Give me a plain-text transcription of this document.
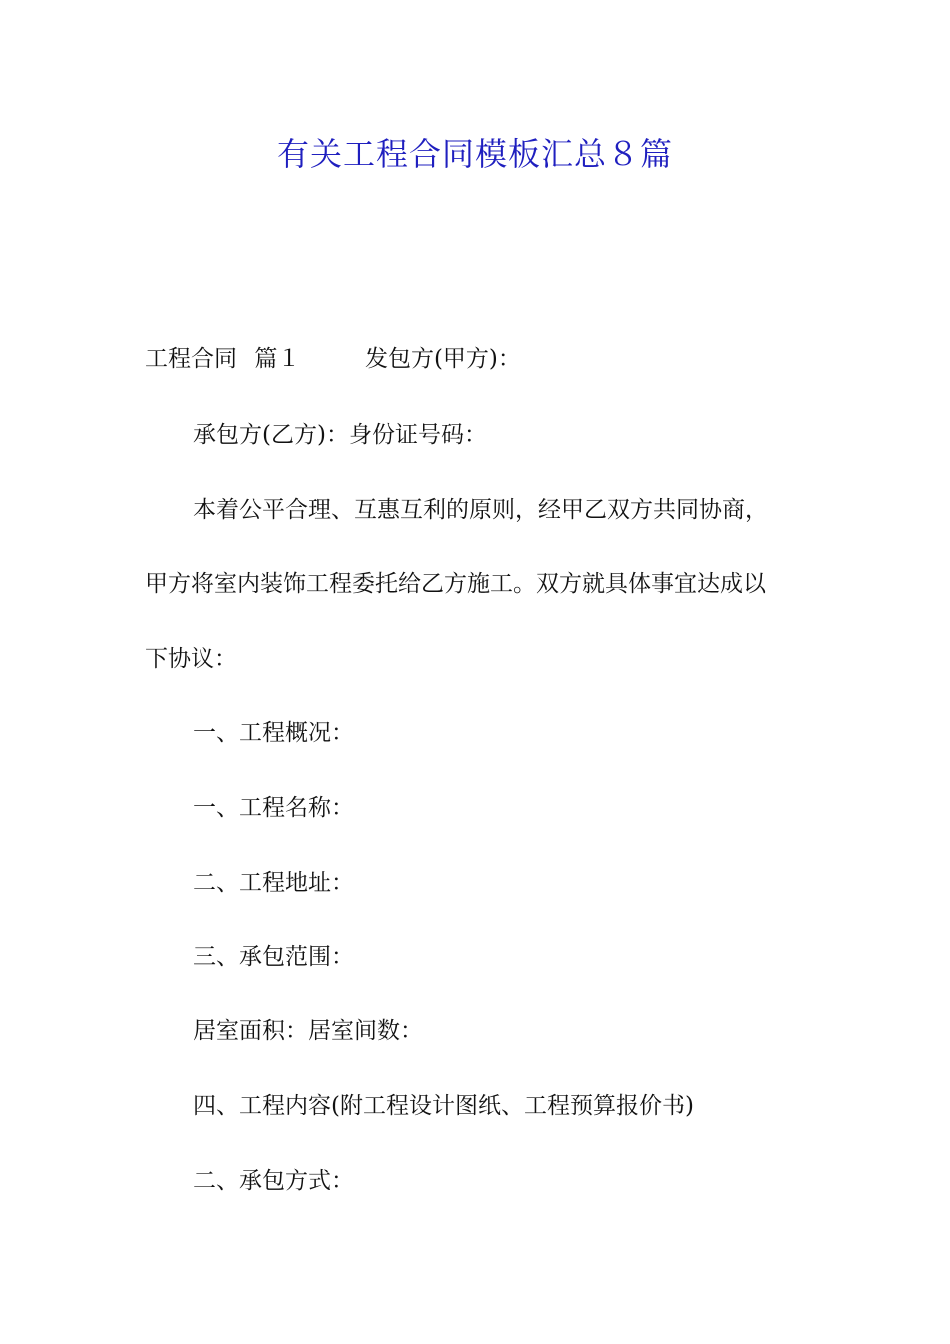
有关工程合同模板汇总８篇
工程合同 篇１	发包方(甲方)：
承包方(乙方)：身份证号码：
本着公平合理、互惠互利的原则，经甲乙双方共同协商，
甲方将室内装饰工程委托给乙方施工。双方就具体事宜达成以
下协议：
一、工程概况：
一、工程名称：
二、工程地址：
三、承包范围：
居室面积：居室间数：
四、工程内容(附工程设计图纸、工程预算报价书)
二、承包方式：
